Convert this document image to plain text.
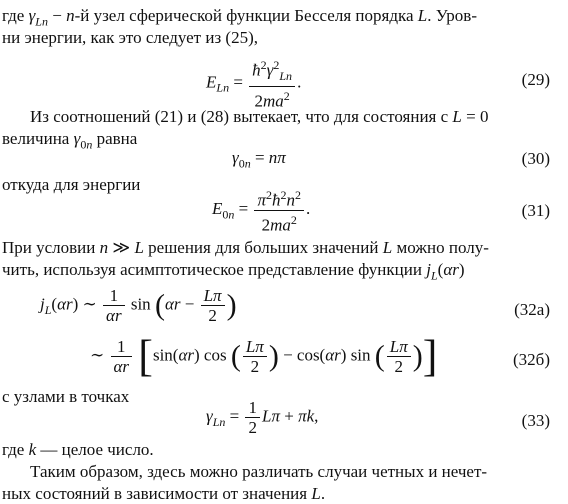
где $\gamma_{Ln} - n-й$ узел сферической функции Бесселя порядка L. Уров-
ни энергии, как это следует из (25),
$E_{Ln} = \frac{ħ^2\gamma^2_{Ln}}{2ma^2}$ .	(29)
Из соотношений (21) и (28) вытекает, что для состояния с L = 0
величина $\gamma_{0n}$ равна
$\gamma_{0n} = n\pi$	(30)
откуда для энергии
$E_{0n} = \frac{\pi^2ħ^2n^2}{2ma^2}$ .	(31)
При условии n ≫ L решения для больших значений L можно полу-
чить, используя асимптотическое представление функции $j_L(\alpha r)$
$j_L(\alpha r)$ ∼ $\frac{1}{\alpha r}$ $\sin (\alpha r - \frac{L\pi}{2}$ )	(32a)
∼ $\frac{1}{\alpha r} [\sin(\alpha r)$ cos ( $\frac{L\pi}{2}$ ) − cos(αr) sin ( $\frac{L\pi}{2}$ )]	(32б)
с узлами в точках
$\gamma_{Ln} = \frac{1}{2}$ Lπ + πk,	(33)
где k — целое число.
Таким образом, здесь можно различать случаи четных и нечет-
ных состояний в зависимости от значения L.
